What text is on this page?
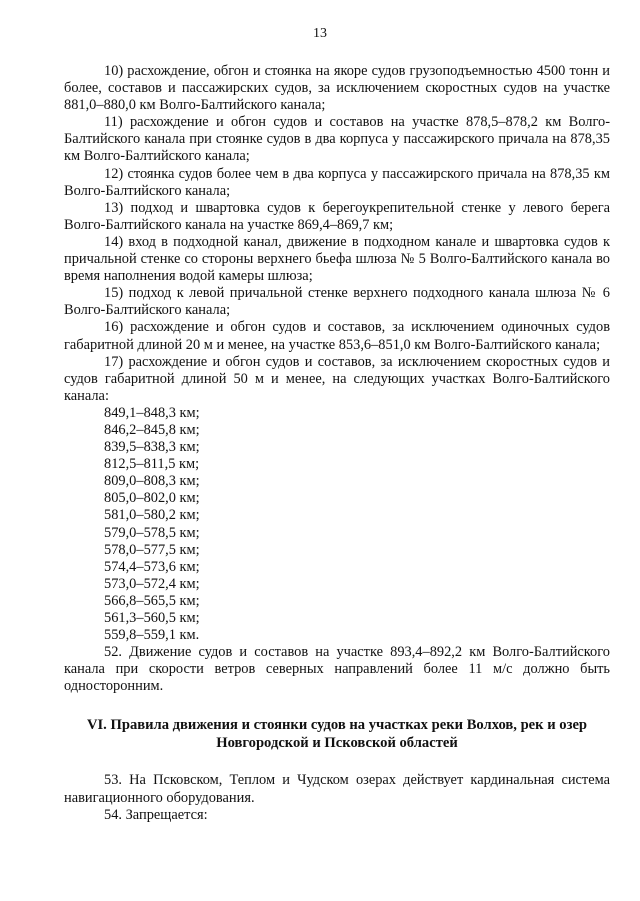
13

10) расхождение, обгон и стоянка на якоре судов грузоподъемностью 4500 тонн и более, составов и пассажирских судов, за исключением скоростных судов на участке 881,0–880,0 км Волго-Балтийского канала;

11) расхождение и обгон судов и составов на участке 878,5–878,2 км Волго-Балтийского канала при стоянке судов в два корпуса у пассажирского причала на 878,35 км Волго-Балтийского канала;

12) стоянка судов более чем в два корпуса у пассажирского причала на 878,35 км Волго-Балтийского канала;

13) подход и швартовка судов к берегоукрепительной стенке у левого берега Волго-Балтийского канала на участке 869,4–869,7 км;

14) вход в подходной канал, движение в подходном канале и швартовка судов к причальной стенке со стороны верхнего бьефа шлюза № 5 Волго-Балтийского канала во время наполнения водой камеры шлюза;

15) подход к левой причальной стенке верхнего подходного канала шлюза № 6 Волго-Балтийского канала;

16) расхождение и обгон судов и составов, за исключением одиночных судов габаритной длиной 20 м и менее, на участке 853,6–851,0 км Волго-Балтийского канала;

17) расхождение и обгон судов и составов, за исключением скоростных судов и судов габаритной длиной 50 м и менее, на следующих участках Волго-Балтийского канала:

849,1–848,3 км;
846,2–845,8 км;
839,5–838,3 км;
812,5–811,5 км;
809,0–808,3 км;
805,0–802,0 км;
581,0–580,2 км;
579,0–578,5 км;
578,0–577,5 км;
574,4–573,6 км;
573,0–572,4 км;
566,8–565,5 км;
561,3–560,5 км;
559,8–559,1 км.

52. Движение судов и составов на участке 893,4–892,2 км Волго-Балтийского канала при скорости ветров северных направлений более 11 м/с должно быть односторонним.

VI. Правила движения и стоянки судов на участках реки Волхов, рек и озер Новгородской и Псковской областей

53. На Псковском, Теплом и Чудском озерах действует кардинальная система навигационного оборудования.

54. Запрещается:
